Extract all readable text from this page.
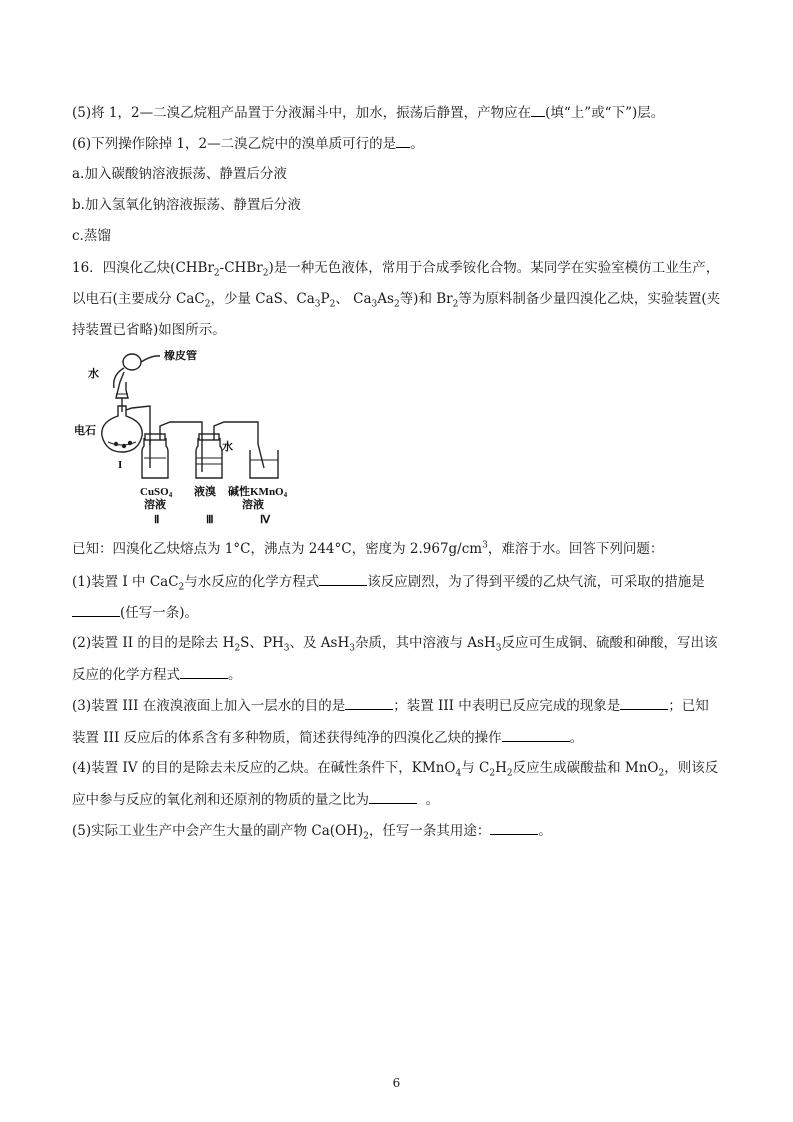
(5)将 1，2—二溴乙烷粗产品置于分液漏斗中，加水，振荡后静置，产物应在 (填“上”或“下”)层。
(6)下列操作除掉 1，2—二溴乙烷中的溴单质可行的是 。
a.加入碳酸钠溶液振荡、静置后分液
b.加入氢氧化钠溶液振荡、静置后分液
c.蒸馏
16．四溴化乙炔(CHBr$_2$-CHBr$_2$)是一种无色液体，常用于合成季铵化合物。某同学在实验室模仿工业生产，
以电石(主要成分 CaC$_2$，少量 CaS、$Ca_3P_2$、 $Ca_3As_2$等)和 $Br_2$等为原料制备少量四溴化乙炔，实验装置(夹
持装置已省略)如图所示。
橡皮管
水
电石
I
水
CuSO4
溶液
液溴 碱性KMnO4
溶液
Ⅱ	Ⅲ	Ⅳ
已知：四溴化乙炔熔点为 1°C，沸点为 244°C，密度为 $2.967g/cm^3$，难溶于水。回答下列问题：
(1)装置 I 中 CaC$_2$与水反应的化学方程式	该反应剧烈，为了得到平缓的乙炔气流，可采取的措施是
(任写一条)。
(2)装置 II 的目的是除去 $H_2S$、$PH_3$、及 AsH$_3$杂质，其中溶液与 AsH$_3$反应可生成铜、硫酸和砷酸，写出该
反应的化学方程式	。
(3)装置 III 在液溴液面上加入一层水的目的是	；装置 III 中表明已反应完成的现象是	；已知
装置 III 反应后的体系含有多种物质，简述获得纯净的四溴化乙炔的操作	。
(4)装置 IV 的目的是除去未反应的乙炔。在碱性条件下，KMnO$_4$与 $C_2H_2$反应生成碳酸盐和 MnO$_2$，则该反
应中参与反应的氧化剂和还原剂的物质的量之比为	。
(5)实际工业生产中会产生大量的副产物 $Ca(OH)_2$，任写一条其用途：	。
6
